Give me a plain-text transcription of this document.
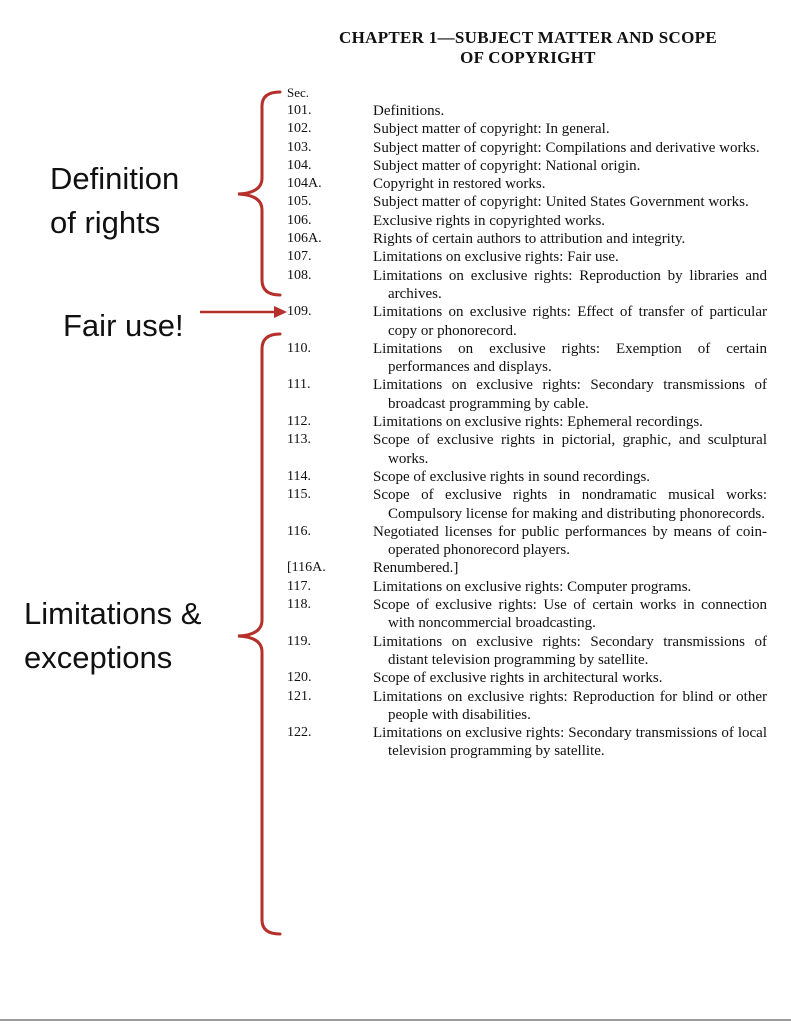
CHAPTER 1—SUBJECT MATTER AND SCOPE
OF COPYRIGHT
Sec.
101.	Definitions.
102.	Subject matter of copyright: In general.
103.	Subject matter of copyright: Compilations and derivative works.
104.	Subject matter of copyright: National origin.
104A.	Copyright in restored works.
105.	Subject matter of copyright: United States Government works.
106.	Exclusive rights in copyrighted works.
106A.	Rights of certain authors to attribution and integrity.
107.	Limitations on exclusive rights: Fair use.
108.	Limitations on exclusive rights: Reproduction by libraries and archives.
109.	Limitations on exclusive rights: Effect of transfer of particular copy or phonorecord.
110.	Limitations on exclusive rights: Exemption of certain performances and displays.
111.	Limitations on exclusive rights: Secondary transmissions of broadcast programming by cable.
112.	Limitations on exclusive rights: Ephemeral recordings.
113.	Scope of exclusive rights in pictorial, graphic, and sculptural works.
114.	Scope of exclusive rights in sound recordings.
115.	Scope of exclusive rights in nondramatic musical works: Compulsory license for making and distributing phonorecords.
116.	Negotiated licenses for public performances by means of coin-operated phonorecord players.
[116A.	Renumbered.]
117.	Limitations on exclusive rights: Computer programs.
118.	Scope of exclusive rights: Use of certain works in connection with noncommercial broadcasting.
119.	Limitations on exclusive rights: Secondary transmissions of distant television programming by satellite.
120.	Scope of exclusive rights in architectural works.
121.	Limitations on exclusive rights: Reproduction for blind or other people with disabilities.
122.	Limitations on exclusive rights: Secondary transmissions of local television programming by satellite.

Definition
of rights

Fair use!

Limitations &
exceptions
